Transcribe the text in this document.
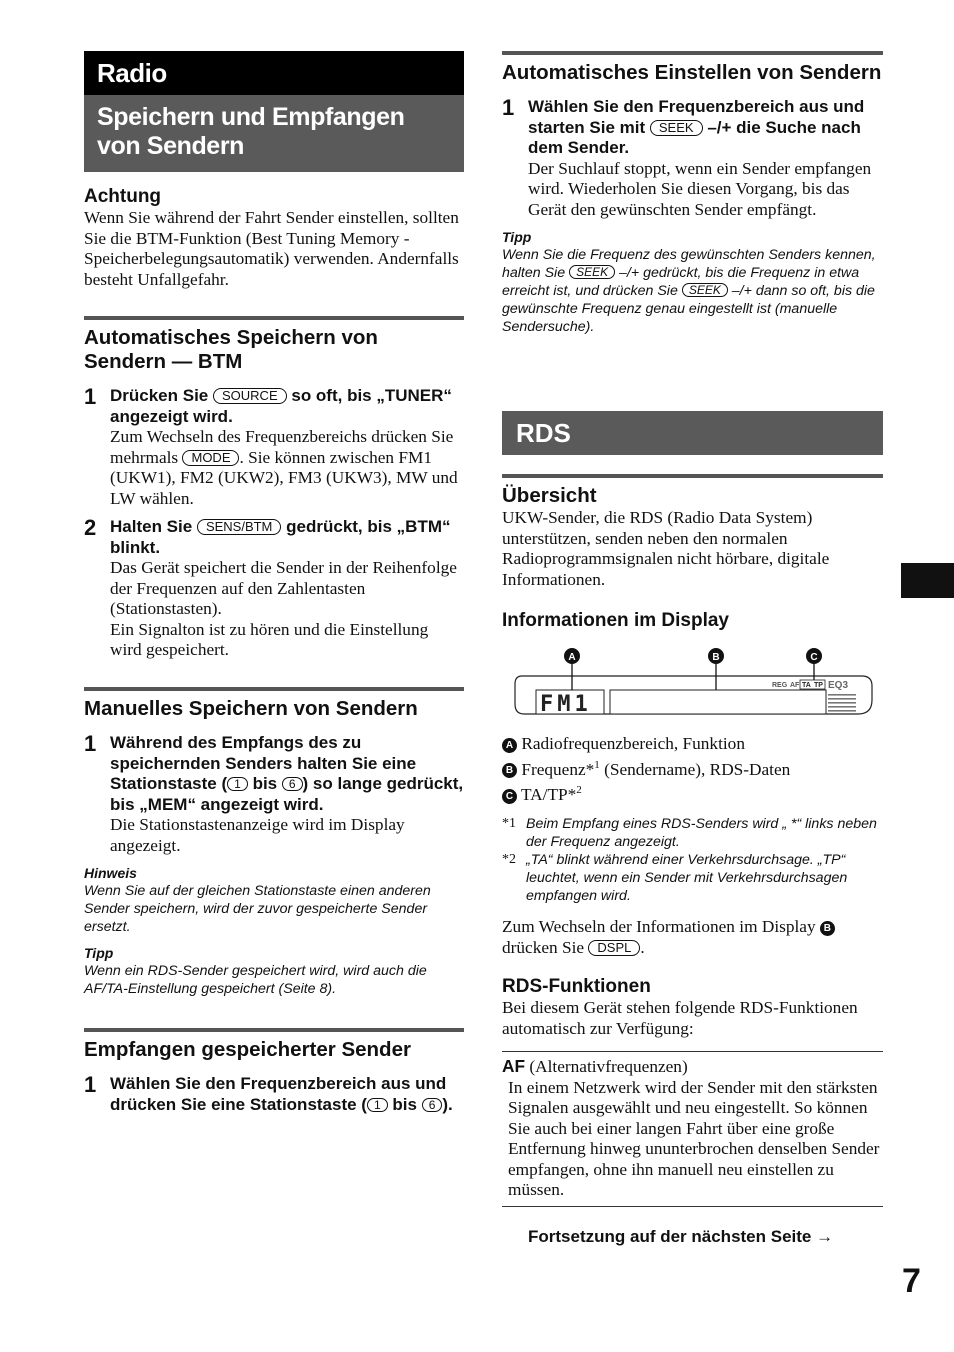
Radio
Speichern und Empfangen von Sendern
Achtung
Wenn Sie während der Fahrt Sender einstellen, sollten Sie die BTM-Funktion (Best Tuning Memory - Speicherbelegungsautomatik) verwenden. Andernfalls besteht Unfallgefahr.
Automatisches Speichern von Sendern — BTM
1 Drücken Sie SOURCE so oft, bis „TUNER“ angezeigt wird.
Zum Wechseln des Frequenzbereichs drücken Sie mehrmals MODE . Sie können zwischen FM1 (UKW1), FM2 (UKW2), FM3 (UKW3), MW und LW wählen.
2 Halten Sie SENS/BTM gedrückt, bis „BTM“ blinkt.
Das Gerät speichert die Sender in der Reihenfolge der Frequenzen auf den Zahlentasten (Stationstasten).
Ein Signalton ist zu hören und die Einstellung wird gespeichert.
Manuelles Speichern von Sendern
1 Während des Empfangs des zu speichernden Senders halten Sie eine Stationstaste ( 1 bis 6 ) so lange gedrückt, bis „MEM“ angezeigt wird.
Die Stationstastenanzeige wird im Display angezeigt.
Hinweis
Wenn Sie auf der gleichen Stationstaste einen anderen Sender speichern, wird der zuvor gespeicherte Sender ersetzt.
Tipp
Wenn ein RDS-Sender gespeichert wird, wird auch die AF/TA-Einstellung gespeichert (Seite 8).
Empfangen gespeicherter Sender
1 Wählen Sie den Frequenzbereich aus und drücken Sie eine Stationstaste ( 1 bis 6 ).
Automatisches Einstellen von Sendern
1 Wählen Sie den Frequenzbereich aus und starten Sie mit SEEK –/+ die Suche nach dem Sender.
Der Suchlauf stoppt, wenn ein Sender empfangen wird. Wiederholen Sie diesen Vorgang, bis das Gerät den gewünschten Sender empfängt.
Tipp
Wenn Sie die Frequenz des gewünschten Senders kennen, halten Sie SEEK –/+ gedrückt, bis die Frequenz in etwa erreicht ist, und drücken Sie SEEK –/+ dann so oft, bis die gewünschte Frequenz genau eingestellt ist (manuelle Sendersuche).
RDS
Übersicht
UKW-Sender, die RDS (Radio Data System) unterstützen, senden neben den normalen Radioprogrammsignalen nicht hörbare, digitale Informationen.
Informationen im Display
A	B	C
FM1
REG AF TA TP EQ3
A Radiofrequenzbereich, Funktion
B Frequenz*$^1$ (Sendername), RDS-Daten
C TA/TP*$^2$
*1 Beim Empfang eines RDS-Senders wird „ *“ links neben der Frequenz angezeigt.
*2 „TA“ blinkt während einer Verkehrsdurchsage. „TP“ leuchtet, wenn ein Sender mit Verkehrsdurchsagen empfangen wird.
Zum Wechseln der Informationen im Display B drücken Sie DSPL .
RDS-Funktionen
Bei diesem Gerät stehen folgende RDS-Funktionen automatisch zur Verfügung:
AF (Alternativfrequenzen)
In einem Netzwerk wird der Sender mit den stärksten Signalen ausgewählt und neu eingestellt. So können Sie auch bei einer langen Fahrt über eine große Entfernung hinweg ununterbrochen denselben Sender empfangen, ohne ihn manuell neu einstellen zu müssen.
Fortsetzung auf der nächsten Seite →
7
